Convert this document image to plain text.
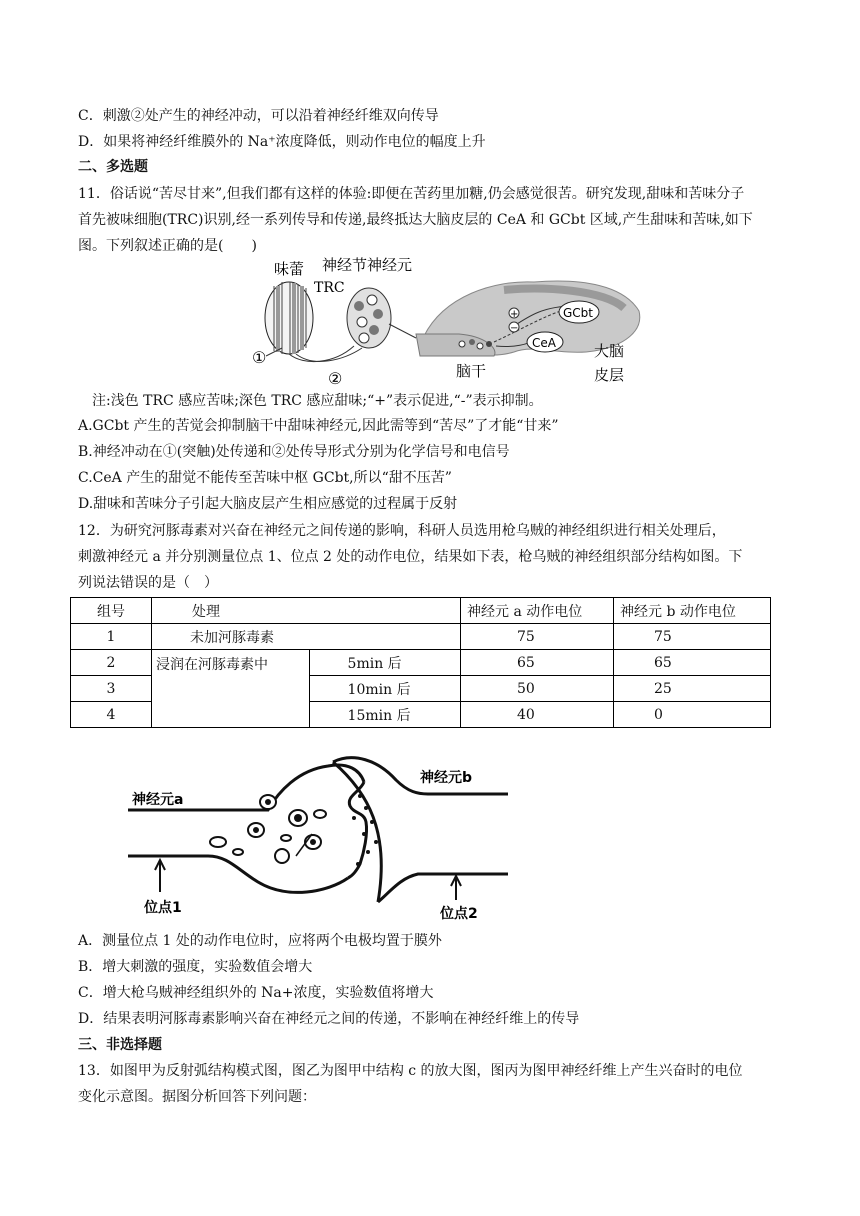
C．刺激②处产生的神经冲动，可以沿着神经纤维双向传导
D．如果将神经纤维膜外的 Na⁺浓度降低，则动作电位的幅度上升
二、多选题
11．俗话说“苦尽甘来”,但我们都有这样的体验:即便在苦药里加糖,仍会感觉很苦。研究发现,甜味和苦味分子
首先被味细胞(TRC)识别,经一系列传导和传递,最终抵达大脑皮层的 CeA 和 GCbt 区域,产生甜味和苦味,如下
图。下列叙述正确的是(　　)
+
−
GCbt
CeA
①
②
味蕾
TRC
神经节神经元
脑干
大脑
皮层
注:浅色 TRC 感应苦味;深色 TRC 感应甜味;“+”表示促进,“-”表示抑制。
A.GCbt 产生的苦觉会抑制脑干中甜味神经元,因此需等到“苦尽”了才能“甘来”
B.神经冲动在①(突触)处传递和②处传导形式分别为化学信号和电信号
C.CeA 产生的甜觉不能传至苦味中枢 GCbt,所以“甜不压苦”
D.甜味和苦味分子引起大脑皮层产生相应感觉的过程属于反射
12．为研究河豚毒素对兴奋在神经元之间传递的影响，科研人员选用枪乌贼的神经组织进行相关处理后，
刺激神经元 a 并分别测量位点 1、位点 2 处的动作电位，结果如下表，枪乌贼的神经组织部分结构如图。下
列说法错误的是（　）
组号	处理		神经元 a 动作电位	神经元 b 动作电位
1	未加河豚毒素		75	75
2	浸润在河豚毒素中	5min 后	65	65
3		10min 后	50	25
4		15min 后	40	0
神经元a
神经元b
位点1	位点2
A．测量位点 1 处的动作电位时，应将两个电极均置于膜外
B．增大刺激的强度，实验数值会增大
C．增大枪乌贼神经组织外的 Na+浓度，实验数值将增大
D．结果表明河豚毒素影响兴奋在神经元之间的传递，不影响在神经纤维上的传导
三、非选择题
13．如图甲为反射弧结构模式图，图乙为图甲中结构 c 的放大图，图丙为图甲神经纤维上产生兴奋时的电位
变化示意图。据图分析回答下列问题：
